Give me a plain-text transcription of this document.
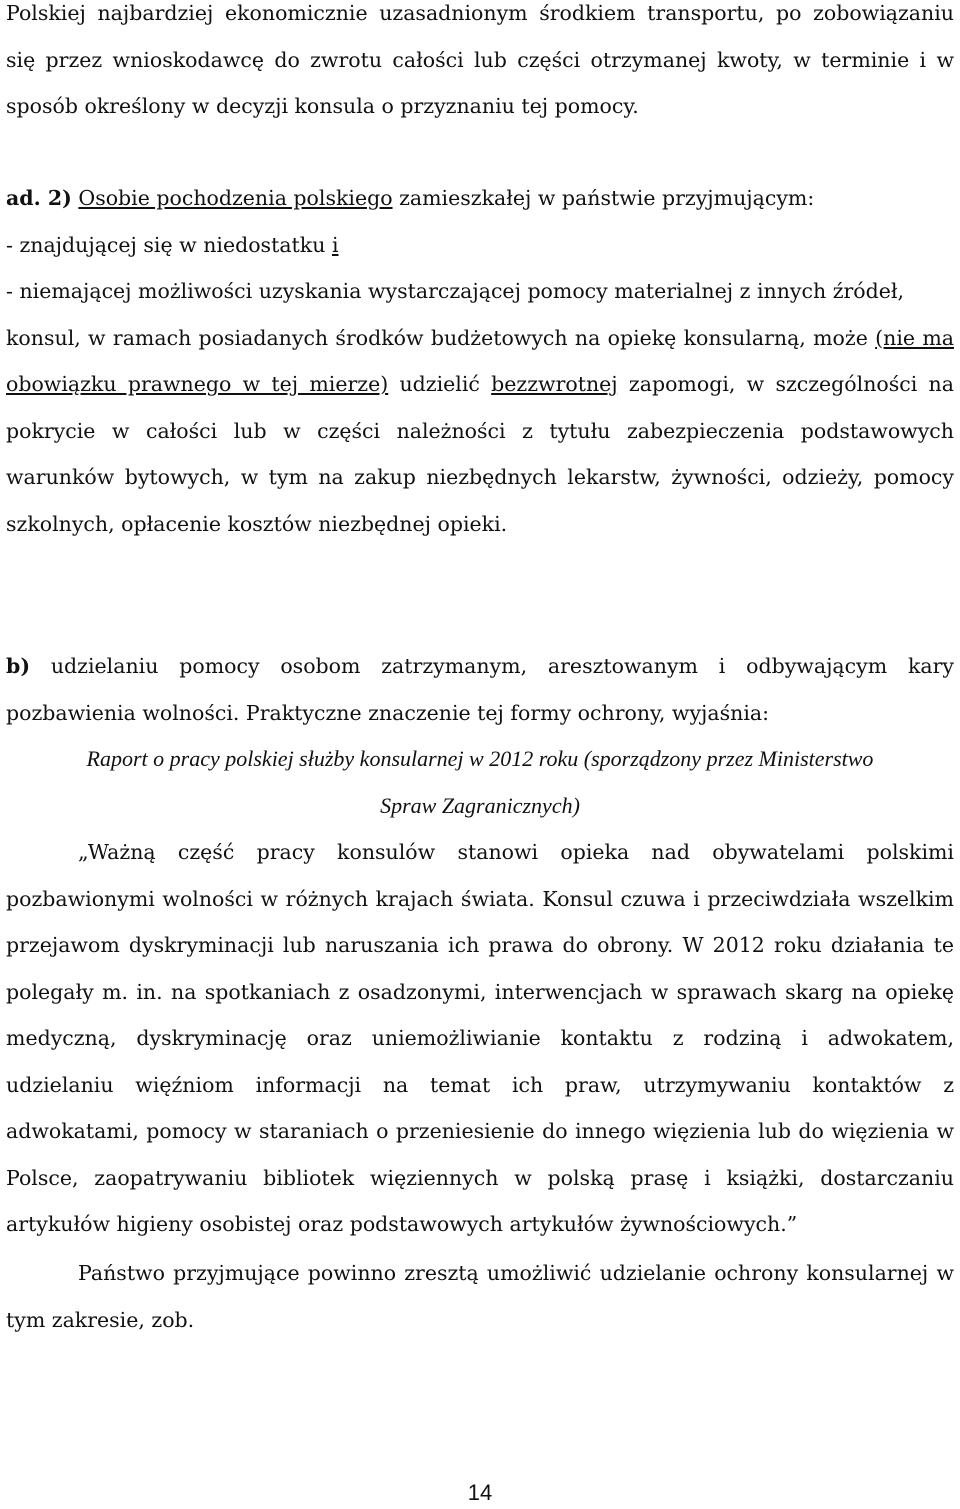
Polskiej najbardziej ekonomicznie uzasadnionym środkiem transportu, po zobowiązaniu się przez wnioskodawcę do zwrotu całości lub części otrzymanej kwoty, w terminie i w sposób określony w decyzji konsula o przyznaniu tej pomocy.

ad. 2) Osobie pochodzenia polskiego zamieszkałej w państwie przyjmującym:

- znajdującej się w niedostatku i

- niemającej możliwości uzyskania wystarczającej pomocy materialnej z innych źródeł,

konsul, w ramach posiadanych środków budżetowych na opiekę konsularną, może (nie ma obowiązku prawnego w tej mierze) udzielić bezzwrotnej zapomogi, w szczególności na pokrycie w całości lub w części należności z tytułu zabezpieczenia podstawowych warunków bytowych, w tym na zakup niezbędnych lekarstw, żywności, odzieży, pomocy szkolnych, opłacenie kosztów niezbędnej opieki.

b) udzielaniu pomocy osobom zatrzymanym, aresztowanym i odbywającym kary pozbawienia wolności. Praktyczne znaczenie tej formy ochrony, wyjaśnia:

Raport o pracy polskiej służby konsularnej w 2012 roku (sporządzony przez Ministerstwo

Spraw Zagranicznych)

„Ważną część pracy konsulów stanowi opieka nad obywatelami polskimi pozbawionymi wolności w różnych krajach świata. Konsul czuwa i przeciwdziała wszelkim przejawom dyskryminacji lub naruszania ich prawa do obrony. W 2012 roku działania te polegały m. in. na spotkaniach z osadzonymi, interwencjach w sprawach skarg na opiekę medyczną, dyskryminację oraz uniemożliwianie kontaktu z rodziną i adwokatem, udzielaniu więźniom informacji na temat ich praw, utrzymywaniu kontaktów z adwokatami, pomocy w staraniach o przeniesienie do innego więzienia lub do więzienia w Polsce, zaopatrywaniu bibliotek więziennych w polską prasę i książki, dostarczaniu artykułów higieny osobistej oraz podstawowych artykułów żywnościowych.”

Państwo przyjmujące powinno zresztą umożliwić udzielanie ochrony konsularnej w tym zakresie, zob.

14
